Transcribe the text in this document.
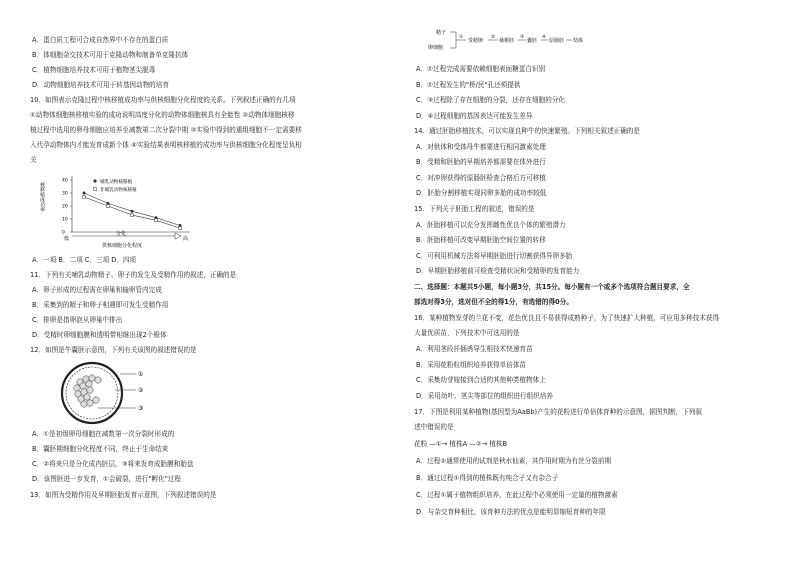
A．蛋白质工程可合成自然界中不存在的蛋白质
B．体细胞杂交技术可用于克隆动物和制备单克隆抗体
C．植物细胞培养技术可用于植物茎尖脱毒
D．动物细胞培养技术可用于转基因动物的培育
10．如图表示克隆过程中核移植成功率与供核细胞分化程度的关系。下列叙述正确的有几项
①动物体细胞核移植实验的成功说明高度分化的动物体细胞核具有全能性 ②动物体细胞核移
植过程中选用的卵母细胞应培养至减数第二次分裂中期 ③实验中得到的重组细胞不一定需要移
入代孕动物体内才能发育成新个体 ④实验结果表明核移植的成功率与供核细胞分化程度呈负相
关
核移植成功率
40
30
20
10
0
哺乳动物核移植
非哺乳动物核移植
低
分化
高
供核细胞分化程度
A．一项 B．二项 C．三项 D．四项
11．下列有关哺乳动物精子、卵子的发生及受精作用的叙述，正确的是
A．卵子形成的过程需在卵巢和输卵管内完成
B．采集到的精子和卵子相遇即可发生受精作用
C．排卵是指卵泡从卵巢中排出
D．受精时卵细胞膜和透明带相继出现2个极体
12．如图是牛囊胚示意图，下列有关该图的叙述错误的是
①
②
③
A．①是初级卵母细胞在减数第一次分裂时形成的
B．囊胚期细胞分化程度不同，终止于生命结束
C．②将来只是分化成内胚层，③将来发育成胎膜和胎盘
D．该图胚进一步发育，①会破裂，进行"孵化"过程
13．如图为受精作用及早期胚胎发育示意图，下列叙述错误的是
精子
卵细胞
①
受精卵
②
桑椹胚
③
囊胚
④
原肠胚 幼体
A．①过程完成需要依赖细胞表面糖蛋白识别
B．①过程发生的"桥/民"孔还须提供
C．③过程除了存在细胞的分裂，还存在细胞的分化
D．④过程细胞的基因表达可能发生差异
14．通过胚胎移植技术，可以实现良种牛的快速繁殖。下列相关叙述正确的是
A．对供体和受体母牛都要进行相同激素处理
B．受精和胚胎的早期培养都需要在体外进行
C．对冲卵获得的原肠胚检查合格后方可移植
D．胚胎分割移植实现同卵多胎的成功率较低
15．下列关于胚胎工程的叙述，错误的是
A．胚胎移植可以充分发挥雌性优良个体的繁殖潜力
B．胚胎移植可改变早期胚胎空间位置的转移
C．可利用机械方法将早期胚胎进行切割获得异卵多胎
D．早期胚胎移植前可检查受精状况和受精卵的发育能力
二、选择题：本题共5小题，每小题3分，共15分。每小题有一个或多个选项符合题目要求，全
部选对得3分，选对但不全的得1分，有选错的得0分。
16．某种植物发芽的兰花不变，花色优良且不易获得成熟种子，为了快速扩大种植，可应用多种技术获得
大量优质苗，下列技术中可选用的是
A．利用茎段扦插诱导生根技术快速育苗
B．采用花粉粒组织培养获得单倍体苗
C．采集幼芽嫁接到合适的其他种类植物体上
D．采用幼叶、茎尖等部位的组织进行组织培养
17．下图是利用某种植物(基因型为AaBb)产生的花粉进行单倍体育种的示意图，据图判断，下列叙
述中错误的是
花粉 —①→ 植株A —②→ 植株B
A．过程②通常使用的试剂是秋水仙素，其作用时期为有丝分裂前期
B．通过过程①得到的植株既有纯合子又有杂合子
C．过程①属于植物组织培养，在此过程中必须使用一定量的植物激素
D．与杂交育种相比，该育种方法的优点是能明显缩短育种的年限
